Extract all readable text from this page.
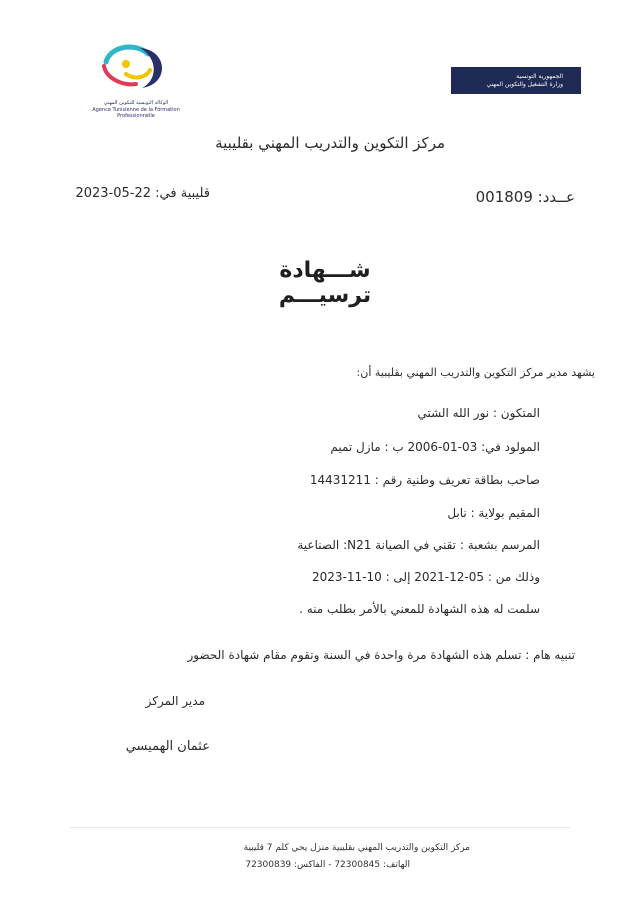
الوكالة التونسية للتكوين المهني
Agence Tunisienne de la Formation Professionnelle
الجمهورية التونسية
وزارة التشغيل والتكوين المهني
مركز التكوين والتدريب المهني بقليبية
قليبية في: 22-05-2023	عــدد: 001809
شـــهادة ترسيـــم
يشهد مدير مركز التكوين والتدريب المهني بقليبية أن:
المتكون : نور الله الشتي
المولود في: 03-01-2006 ب : مازل تميم
صاحب بطاقة تعريف وطنية رقم : 14431211
المقيم بولاية : نابل
المرسم بشعبة : تقني في الصيانة N21: الصناعية
وذلك من : 05-12-2021 إلى : 10-11-2023
سلمت له هذه الشهادة للمعني بالأمر بطلب منه .
تنبيه هام : تسلم هذه الشهادة مرة واحدة في السنة وتقوم مقام شهادة الحضور
مدير المركز
عثمان الهميسي
مركز التكوين والتدريب المهني بقليبية منزل يحي كلم 7 قليبية
الهاتف: 72300845 - الفاكس: 72300839
